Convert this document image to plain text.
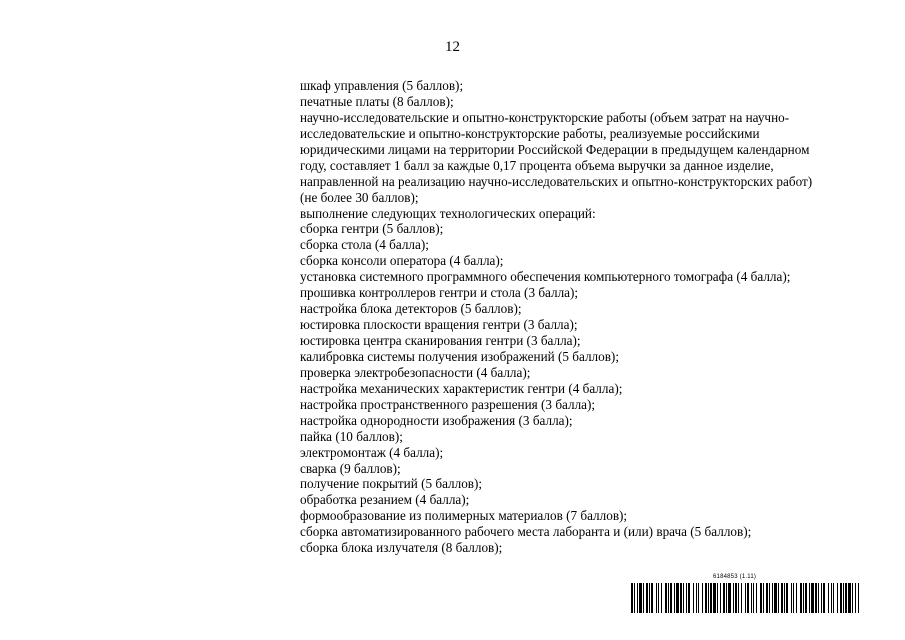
12
шкаф управления (5 баллов);
печатные платы (8 баллов);
научно-исследовательские и опытно-конструкторские работы (объем затрат на научно-
исследовательские и опытно-конструкторские работы, реализуемые российскими
юридическими лицами на территории Российской Федерации в предыдущем календарном
году, составляет 1 балл за каждые 0,17 процента объема выручки за данное изделие,
направленной на реализацию научно-исследовательских и опытно-конструкторских работ)
(не более 30 баллов);
выполнение следующих технологических операций:
сборка гентри (5 баллов);
сборка стола (4 балла);
сборка консоли оператора (4 балла);
установка системного программного обеспечения компьютерного томографа (4 балла);
прошивка контроллеров гентри и стола (3 балла);
настройка блока детекторов (5 баллов);
юстировка плоскости вращения гентри (3 балла);
юстировка центра сканирования гентри (3 балла);
калибровка системы получения изображений (5 баллов);
проверка электробезопасности (4 балла);
настройка механических характеристик гентри (4 балла);
настройка пространственного разрешения (3 балла);
настройка однородности изображения (3 балла);
пайка (10 баллов);
электромонтаж (4 балла);
сварка (9 баллов);
получение покрытий (5 баллов);
обработка резанием (4 балла);
формообразование из полимерных материалов (7 баллов);
сборка автоматизированного рабочего места лаборанта и (или) врача (5 баллов);
сборка блока излучателя (8 баллов);
6184853 (1.11)
